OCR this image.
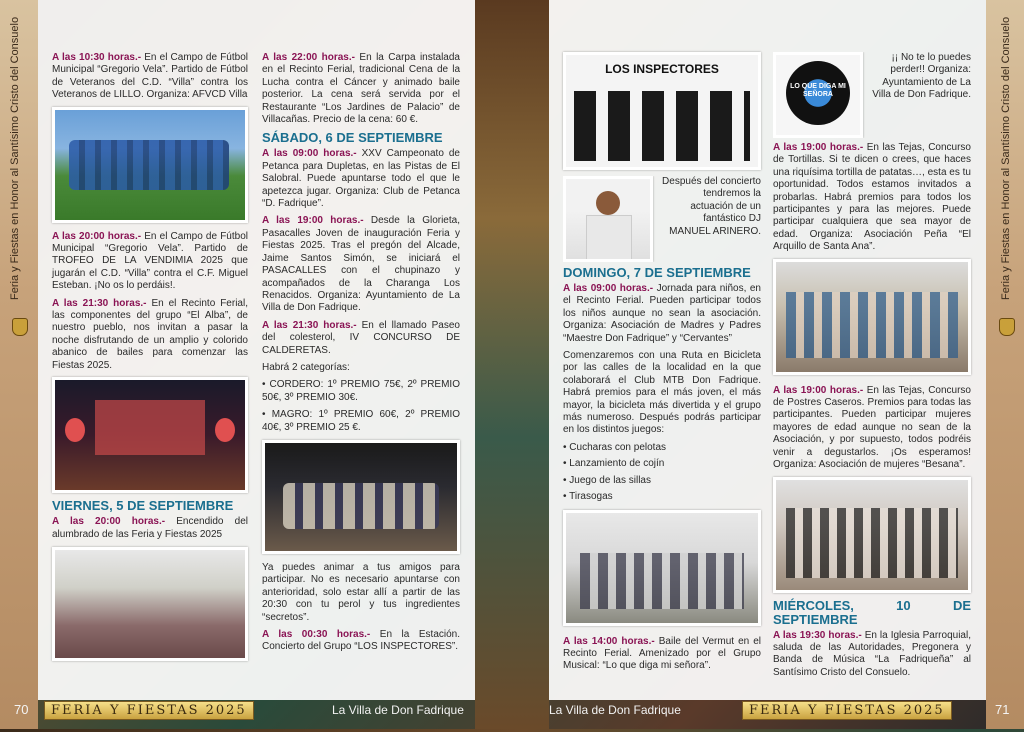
Feria y Fiestas en Honor al Santísimo Cristo del Consuelo	Feria y Fiestas en Honor al Santísimo Cristo del Consuelo

A las 10:30 horas.- En el Campo de Fútbol Municipal “Gregorio Vela”. Partido de Fútbol de Veteranos del C.D. “Villa” contra los Veteranos de LILLO. Organiza: AFVCD Villa

A las 20:00 horas.- En el Campo de Fútbol Municipal “Gregorio Vela”. Partido de TROFEO DE LA VENDIMIA 2025 que jugarán el C.D. “Villa” contra el C.F. Miguel Esteban. ¡No os lo perdáis!.

A las 21:30 horas.- En el Recinto Ferial, las componentes del grupo “El Alba”, de nuestro pueblo, nos invitan a pasar la noche disfrutando de un amplio y colorido abanico de bailes para comenzar las Fiestas 2025.

VIERNES, 5 DE SEPTIEMBRE

A las 20:00 horas.- Encendido del alumbrado de las Feria y Fiestas 2025

A las 22:00 horas.- En la Carpa instalada en el Recinto Ferial, tradicional Cena de la Lucha contra el Cáncer y animado baile posterior. La cena será servida por el Restaurante “Los Jardines de Palacio” de Villacañas. Precio de la cena: 60 €.

SÁBADO, 6 DE SEPTIEMBRE

A las 09:00 horas.- XXV Campeonato de Petanca para Dupletas, en las Pistas de El Salobral. Puede apuntarse todo el que le apetezca jugar. Organiza: Club de Petanca “D. Fadrique”.

A las 19:00 horas.- Desde la Glorieta, Pasacalles Joven de inauguración Feria y Fiestas 2025. Tras el pregón del Alcade, Jaime Santos Simón, se iniciará el PASACALLES con el chupinazo y acompañados de la Charanga Los Renacidos. Organiza: Ayuntamiento de La Villa de Don Fadrique.

A las 21:30 horas.- En el llamado Paseo del colesterol, IV CONCURSO DE CALDERETAS.

Habrá 2 categorías:

• CORDERO: 1º PREMIO 75€, 2º PREMIO 50€, 3º PREMIO 30€.

• MAGRO: 1º PREMIO 60€, 2º PREMIO 40€, 3º PREMIO 25 €.

Ya puedes animar a tus amigos para participar. No es necesario apuntarse con anterioridad, solo estar allí a partir de las 20:30 con tu perol y tus ingredientes “secretos”.

A las 00:30 horas.- En la Estación. Concierto del Grupo “LOS INSPECTORES”.

LOS INSPECTORES

Después del concierto tendremos la actuación de un fantástico DJ MANUEL ARINERO.

DOMINGO, 7 DE SEPTIEMBRE

A las 09:00 horas.- Jornada para niños, en el Recinto Ferial. Pueden participar todos los niños aunque no sean la asociación. Organiza: Asociación de Madres y Padres “Maestre Don Fadrique” y “Cervantes”

Comenzaremos con una Ruta en Bicicleta por las calles de la localidad en la que colaborará el Club MTB Don Fadrique. Habrá premios para el más joven, el más mayor, la bicicleta más divertida y el grupo más numeroso. Después podrás participar en los distintos juegos:

• Cucharas con pelotas
• Lanzamiento de cojín
• Juego de las sillas
• Tirasogas

A las 14:00 horas.- Baile del Vermut en el Recinto Ferial. Amenizado por el Grupo Musical: “Lo que diga mi señora”.

LO QUE DIGA MI SEÑORA

¡¡ No te lo puedes perder!! Organiza: Ayuntamiento de La Villa de Don Fadrique.

A las 19:00 horas.- En las Tejas, Concurso de Tortillas. Si te dicen o crees, que haces una riquísima tortilla de patatas…, esta es tu oportunidad. Todos estamos invitados a probarlas. Habrá premios para todos los participantes y para las mejores. Puede participar cualquiera que sea mayor de edad. Organiza: Asociación Peña “El Arquillo de Santa Ana”.

A las 19:00 horas.- En las Tejas, Concurso de Postres Caseros. Premios para todas las participantes. Pueden participar mujeres mayores de edad aunque no sean de la Asociación, y por supuesto, todos podréis venir a degustarlos. ¡Os esperamos! Organiza: Asociación de mujeres “Besana”.

MIÉRCOLES, 10 DE SEPTIEMBRE

A las 19:30 horas.- En la Iglesia Parroquial, saluda de las Autoridades, Pregonera y Banda de Música “La Fadriqueña” al Santísimo Cristo del Consuelo.

70	FERIA Y FIESTAS 2025	La Villa de Don Fadrique	La Villa de Don Fadrique	FERIA Y FIESTAS 2025	71
